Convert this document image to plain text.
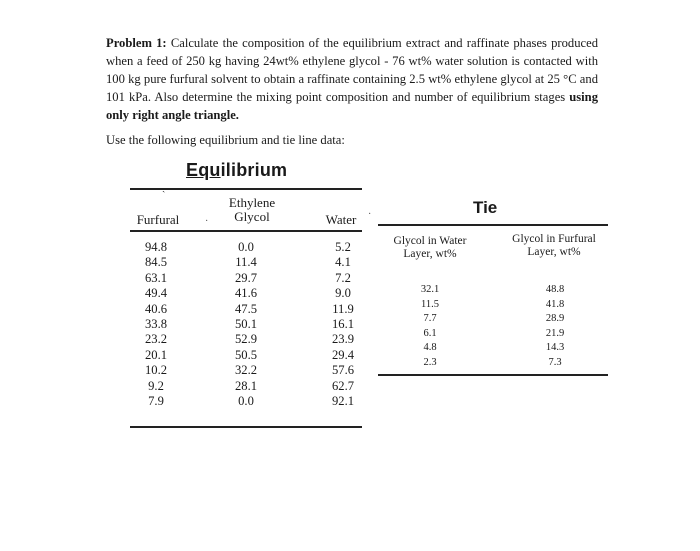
Problem 1: Calculate the composition of the equilibrium extract and raffinate phases produced when a feed of 250 kg having 24wt% ethylene glycol - 76 wt% water solution is contacted with 100 kg pure furfural solvent to obtain a raffinate containing 2.5 wt% ethylene glycol at 25 °C and 101 kPa. Also determine the mixing point composition and number of equilibrium stages using only right angle triangle.
Use the following equilibrium and tie line data:
Equilibrium
Furfural
Ethylene
Glycol	Water
·
·
94.8
84.5
63.1
49.4
40.6
33.8
23.2
20.1
10.2
9.2
7.9
0.0
11.4
29.7
41.6
47.5
50.1
52.9
50.5
32.2
28.1
0.0
5.2
4.1
7.2
9.0
11.9
16.1
23.9
29.4
57.6
62.7
92.1
Tie
Glycol in Water
Layer, wt%
Glycol in Furfural
Layer, wt%
32.1
11.5
7.7
6.1
4.8
2.3
48.8
41.8
28.9
21.9
14.3
7.3
